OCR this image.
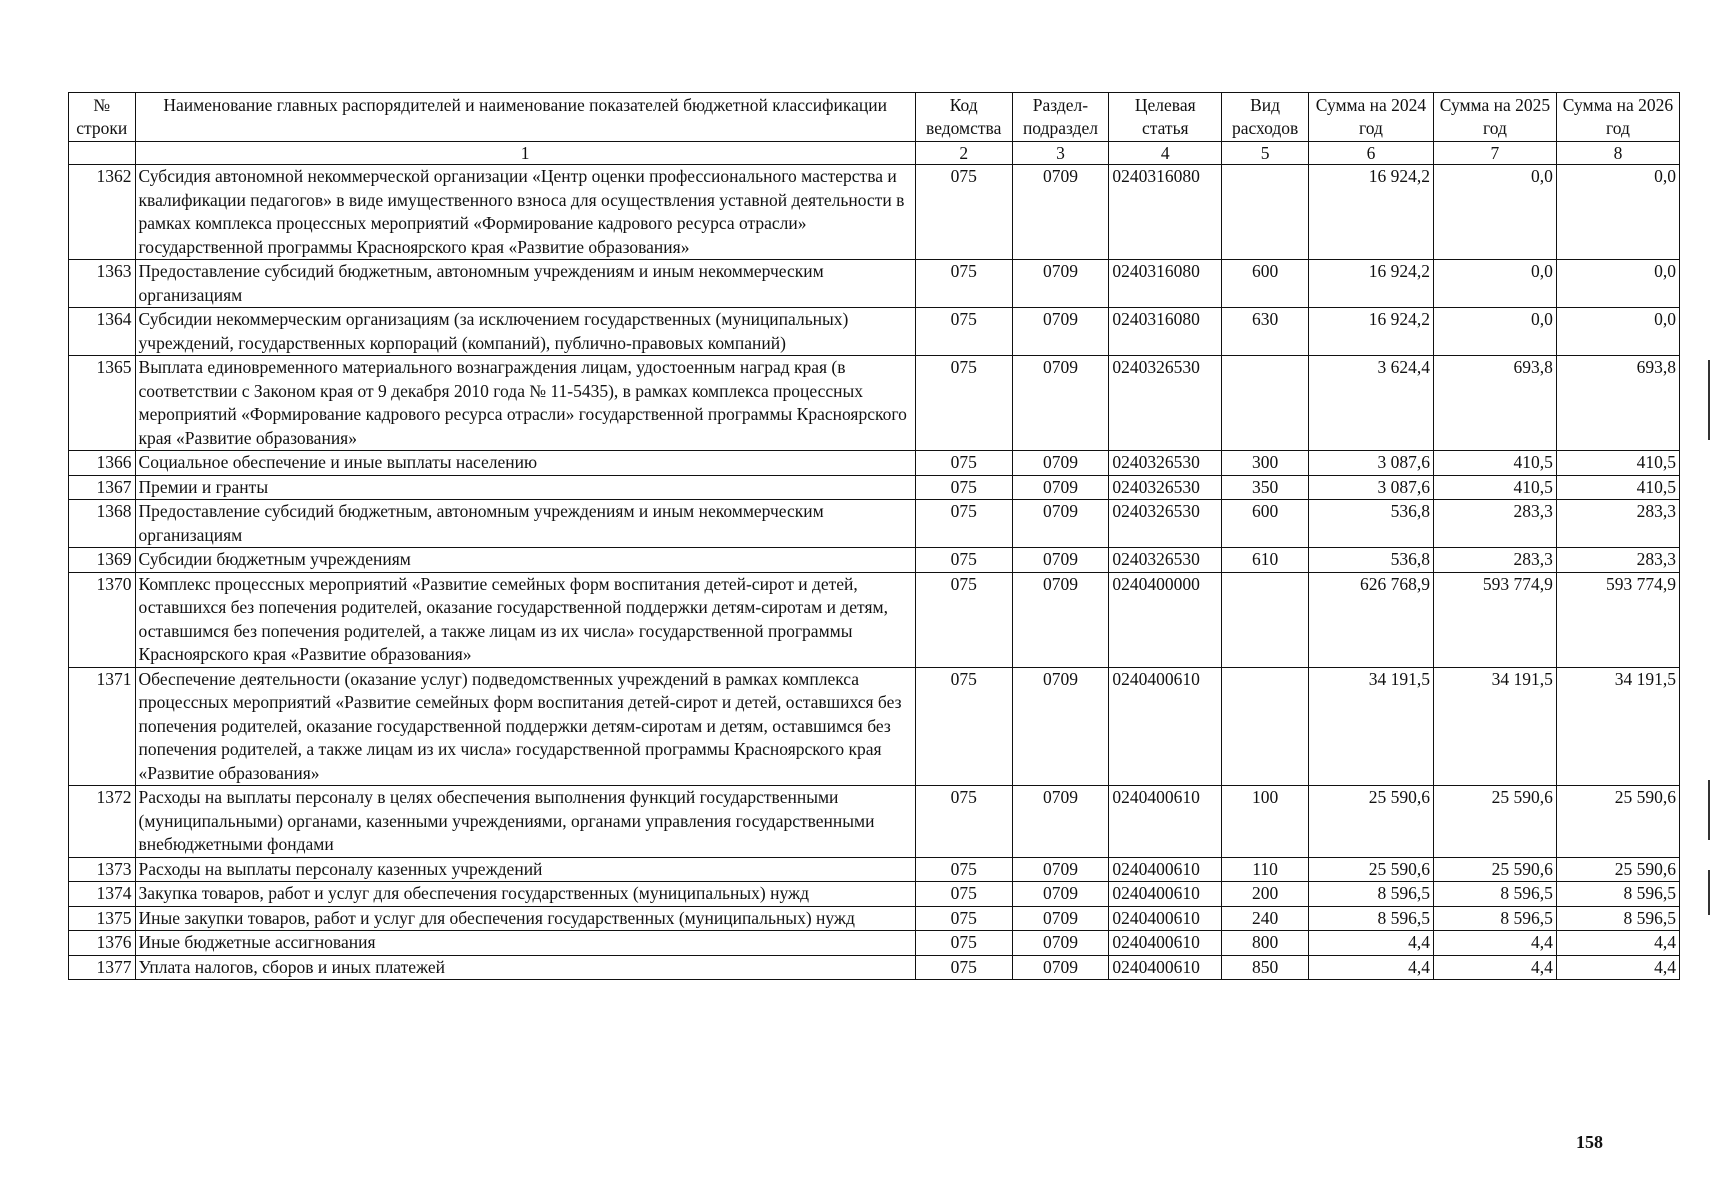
№ строки	Наименование главных распорядителей и наименование показателей бюджетной классификации	Код ведомства	Раздел-подраздел	Целевая статья	Вид расходов	Сумма на 2024 год	Сумма на 2025 год	Сумма на 2026 год
	1	2	3	4	5	6	7	8
1362	Субсидия автономной некоммерческой организации «Центр оценки профессионального мастерства и квалификации педагогов» в виде имущественного взноса для осуществления уставной деятельности в рамках комплекса процессных мероприятий «Формирование кадрового ресурса отрасли» государственной программы Красноярского края «Развитие образования»	075	0709	0240316080		16 924,2	0,0	0,0
1363	Предоставление субсидий бюджетным, автономным учреждениям и иным некоммерческим организациям	075	0709	0240316080	600	16 924,2	0,0	0,0
1364	Субсидии некоммерческим организациям (за исключением государственных (муниципальных) учреждений, государственных корпораций (компаний), публично-правовых компаний)	075	0709	0240316080	630	16 924,2	0,0	0,0
1365	Выплата единовременного материального вознаграждения лицам, удостоенным наград края (в соответствии с Законом края от 9 декабря 2010 года № 11-5435), в рамках комплекса процессных мероприятий «Формирование кадрового ресурса отрасли» государственной программы Красноярского края «Развитие образования»	075	0709	0240326530		3 624,4	693,8	693,8
1366	Социальное обеспечение и иные выплаты населению	075	0709	0240326530	300	3 087,6	410,5	410,5
1367	Премии и гранты	075	0709	0240326530	350	3 087,6	410,5	410,5
1368	Предоставление субсидий бюджетным, автономным учреждениям и иным некоммерческим организациям	075	0709	0240326530	600	536,8	283,3	283,3
1369	Субсидии бюджетным учреждениям	075	0709	0240326530	610	536,8	283,3	283,3
1370	Комплекс процессных мероприятий «Развитие семейных форм воспитания детей-сирот и детей, оставшихся без попечения родителей, оказание государственной поддержки детям-сиротам и детям, оставшимся без попечения родителей, а также лицам из их числа» государственной программы Красноярского края «Развитие образования»	075	0709	0240400000		626 768,9	593 774,9	593 774,9
1371	Обеспечение деятельности (оказание услуг) подведомственных учреждений в рамках комплекса процессных мероприятий «Развитие семейных форм воспитания детей-сирот и детей, оставшихся без попечения родителей, оказание государственной поддержки детям-сиротам и детям, оставшимся без попечения родителей, а также лицам из их числа» государственной программы Красноярского края «Развитие образования»	075	0709	0240400610		34 191,5	34 191,5	34 191,5
1372	Расходы на выплаты персоналу в целях обеспечения выполнения функций государственными (муниципальными) органами, казенными учреждениями, органами управления государственными внебюджетными фондами	075	0709	0240400610	100	25 590,6	25 590,6	25 590,6
1373	Расходы на выплаты персоналу казенных учреждений	075	0709	0240400610	110	25 590,6	25 590,6	25 590,6
1374	Закупка товаров, работ и услуг для обеспечения государственных (муниципальных) нужд	075	0709	0240400610	200	8 596,5	8 596,5	8 596,5
1375	Иные закупки товаров, работ и услуг для обеспечения государственных (муниципальных) нужд	075	0709	0240400610	240	8 596,5	8 596,5	8 596,5
1376	Иные бюджетные ассигнования	075	0709	0240400610	800	4,4	4,4	4,4
1377	Уплата налогов, сборов и иных платежей	075	0709	0240400610	850	4,4	4,4	4,4
158
